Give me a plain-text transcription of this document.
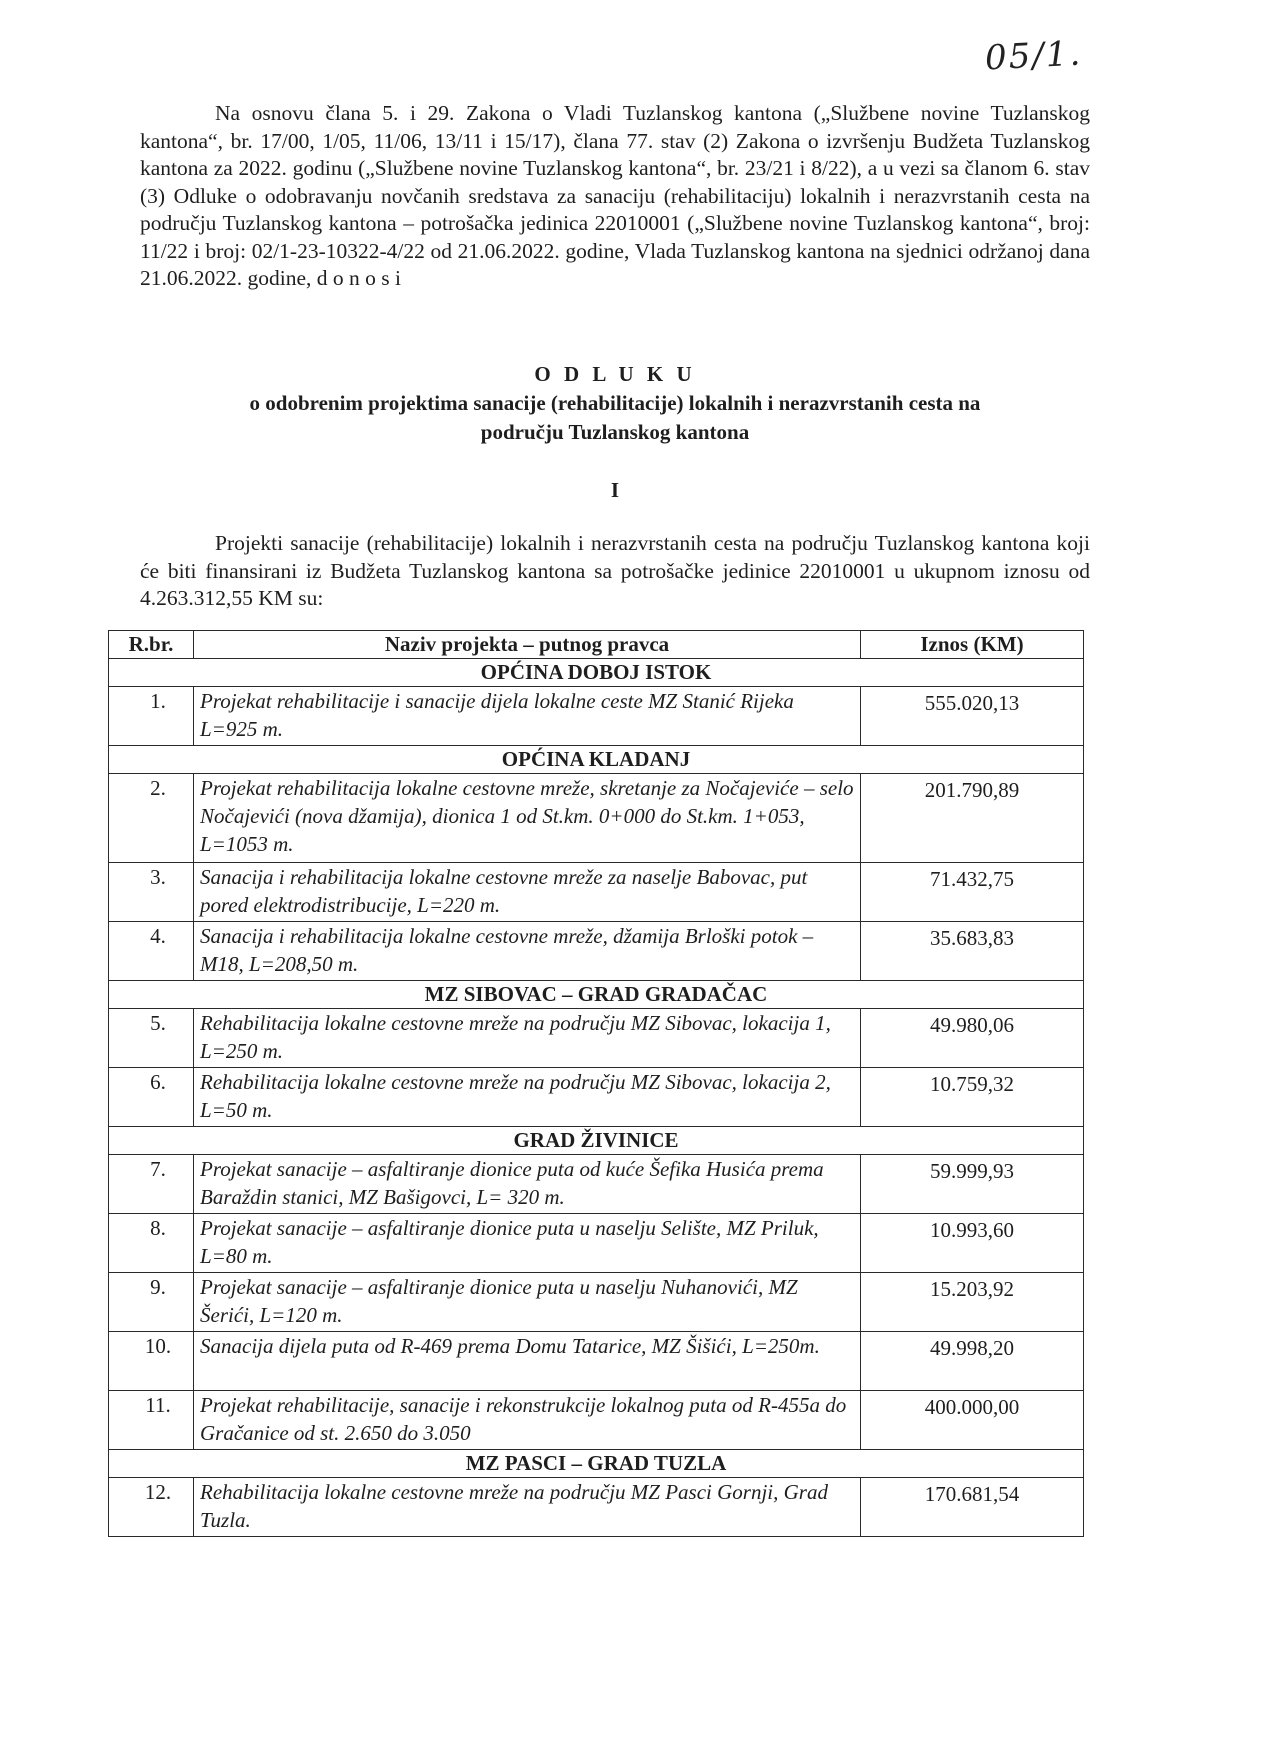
05/1.
Na osnovu člana 5. i 29. Zakona o Vladi Tuzlanskog kantona („Službene novine Tuzlanskog kantona“, br. 17/00, 1/05, 11/06, 13/11 i 15/17), člana 77. stav (2) Zakona o izvršenju Budžeta Tuzlanskog kantona za 2022. godinu („Službene novine Tuzlanskog kantona“, br. 23/21 i 8/22), a u vezi sa članom 6. stav (3) Odluke o odobravanju novčanih sredstava za sanaciju (rehabilitaciju) lokalnih i nerazvrstanih cesta na području Tuzlanskog kantona – potrošačka jedinica 22010001 („Službene novine Tuzlanskog kantona“, broj: 11/22 i broj: 02/1-23-10322-4/22 od 21.06.2022. godine, Vlada Tuzlanskog kantona na sjednici održanoj dana 21.06.2022. godine, d o n o s i
O D L U K U
o odobrenim projektima sanacije (rehabilitacije) lokalnih i nerazvrstanih cesta na
području Tuzlanskog kantona
I
Projekti sanacije (rehabilitacije) lokalnih i nerazvrstanih cesta na području Tuzlanskog kantona koji će biti finansirani iz Budžeta Tuzlanskog kantona sa potrošačke jedinice 22010001 u ukupnom iznosu od 4.263.312,55 KM su:
R.br.	Naziv projekta – putnog pravca	Iznos (KM)
OPĆINA DOBOJ ISTOK		
1.	Projekat rehabilitacije i sanacije dijela lokalne ceste MZ Stanić Rijeka L=925 m.	555.020,13
OPĆINA KLADANJ		
2.	Projekat rehabilitacija lokalne cestovne mreže, skretanje za Nočajeviće – selo Nočajevići (nova džamija), dionica 1 od St.km. 0+000 do St.km. 1+053, L=1053 m.	201.790,89
3.	Sanacija i rehabilitacija lokalne cestovne mreže za naselje Babovac, put pored elektrodistribucije, L=220 m.	71.432,75
4.	Sanacija i rehabilitacija lokalne cestovne mreže, džamija Brloški potok – M18, L=208,50 m.	35.683,83
MZ SIBOVAC – GRAD GRADAČAC		
5.	Rehabilitacija lokalne cestovne mreže na području MZ Sibovac, lokacija 1, L=250 m.	49.980,06
6.	Rehabilitacija lokalne cestovne mreže na području MZ Sibovac, lokacija 2, L=50 m.	10.759,32
GRAD ŽIVINICE		
7.	Projekat sanacije – asfaltiranje dionice puta od kuće Šefika Husića prema Baraždin stanici, MZ Bašigovci, L= 320 m.	59.999,93
8.	Projekat sanacije – asfaltiranje dionice puta u naselju Selište, MZ Priluk, L=80 m.	10.993,60
9.	Projekat sanacije – asfaltiranje dionice puta u naselju Nuhanovići, MZ Šerići, L=120 m.	15.203,92
10.	Sanacija dijela puta od R-469 prema Domu Tatarice, MZ Šišići, L=250m.	49.998,20
11.	Projekat rehabilitacije, sanacije i rekonstrukcije lokalnog puta od R-455a do Gračanice od st. 2.650 do 3.050	400.000,00
MZ PASCI – GRAD TUZLA		
12.	Rehabilitacija lokalne cestovne mreže na području MZ Pasci Gornji, Grad Tuzla.	170.681,54
